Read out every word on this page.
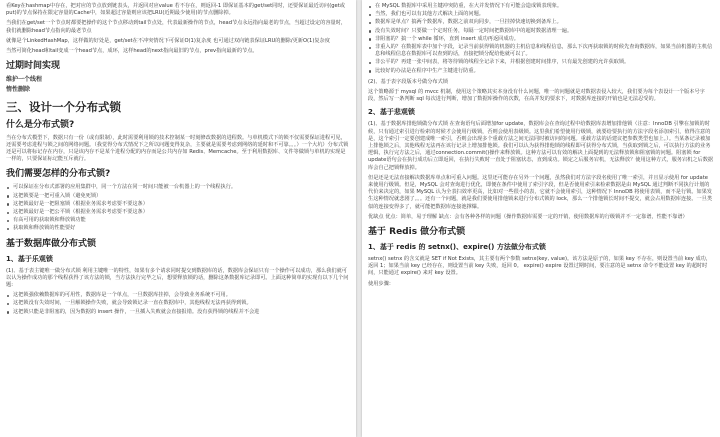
看Key在hashmap中存在，把对应的节点放到链表头，并返回对应value 若不存在，则返回-1 即保证基本的get/set同时，还要保证最近访问(get或put)的节点保持在限定容量的Cache中，如果超过容量则应该把LRU(近期最少使用)的节点删除掉。

当我们在get/set一个节点时都要把操作的这个节点移动到tail节点处，代表最新操作的节点，head节点永远指向最老的节点，当超过设定的容量时，我们就删除head节点指向的最老节点

就像是个LinkedHashMap，这样做的好处是，get/set在不冲突情况下可保证O(1)复杂度 也可通过双向链表保证LRU的删除/更新O(1)复杂度

当然可简化head和tail变成一个head节点，成环，这样head的next指向最旧的节点，prev指向最新的节点。

过期时间实现

维护一个线程

惰性删除

三、设计一个分布式锁
什么是分布式锁?

当在分布式模型下，数据只有一份（或有限制），此时需要利用锁的技术控制某一时刻修改数据的进程数。与单机模式下的锁不仅需要保证进程可见，还需要考虑进程与锁之间的网络问题。（我觉得分布式情况下之所以问题变得复杂，主要就是需要考虑到网络的延时和不可靠。。。）一个大坑）分布式锁还是可以将标记存在内存，只是该内存不是某个进程分配的内存而是公共内存如 Redis、Memcache。至于利用数据库、文件等做锁与单机的实现是一样的，只要保证标记能互斥就行。

我们需要怎样的分布式锁?
可以保证在分布式部署的应用集群中，同一个方法在同一时间只能被一台机器上的一个线程执行。
这把锁要是一把可重入锁（避免死锁）
这把锁最好是一把阻塞锁（根据业务需求考虑要不要这条）
这把锁最好是一把公平锁（根据业务需求考虑要不要这条）
有高可用的获取锁和释放锁功能
获取锁和释放锁的性能要好
基于数据库做分布式锁
1、基于乐观锁

(1)、基于表主键唯一做分布式锁 利用主键唯一的特性，如果有多个请求同时提交到数据库的话，数据库会保证只有一个操作可以成功，那么我们就可以认为操作成功的那个线程获得了该方法的锁，当方法执行完毕之后，想要释放锁的话，删除这条数据库记录即可。上面这种简单的实现有以下几个问题:

这把锁强依赖数据库的可用性，数据库是一个单点，一旦数据库挂掉，会导致业务系统不可用。
这把锁没有失效时间，一旦解锁操作失败，就会导致锁记录一直在数据库中，其他线程无法再获得到锁。
这把锁只能是非阻塞的，因为数据的 insert 操作，一旦插入失败就会直接报错。没有获得锁的线程并不会进
在 MySQL 数据库中采用主键冲突防重，在大并发情况下有可能会造成锁表现象。
当然，我们也可以有其他方式解决上面的问题。
数据库是单点？搞两个数据库，数据之前双向同步，一旦挂掉快速切换到备库上。
没有失效时间？只要做一个定时任务，每隔一定时间把数据库中的超时数据清理一遍。
非阻塞的？搞一个 while 循环，直到 insert 成功再返回成功。
非重入的？在数据库表中加个字段，记录当前获得锁的机器的主机信息和线程信息，那么下次再获取锁的时候先查询数据库，如果当前机器的主机信息和线程信息在数据库可以查到的话，直接把锁分配给他就可以了。
非公平的？再建一张中间表，将等待锁的线程全记录下来，并根据创建时间排序，只有最先创建的允许获取锁。
比较好的办法是在程序中生产主键进行防重。

(2)、基于表字段版本号做分布式锁

这个策略源于 mysql 的 mvcc 机制，使用这个策略其实本身没有什么问题，唯一的问题就是对数据表侵入较大，我们要为每个表设计一个版本号字段，然后写一条判断 sql 每次进行判断，增加了数据库操作的次数，在高并发的要求下，对数据库连接的开销也是无法忍受的。

2、基于悲观锁

(1)、基于数据库排他锁做分布式锁 在查询语句后面增加for update，数据库会在查询过程中给数据库表增加排他锁（注意：InnoDB 引擎在加锁的时候，只有通过索引进行检索的时候才会使用行级锁，否则会使用表级锁。这里我们希望使用行级锁，就要给要执行的方法字段名添加索引，值得注意的是，这个索引一定要创建成唯一索引，否则会出现多个重载方法之间无法同时被访问的问题。重载方法的话建议把参数类型也加上。）。当某条记录被加上排他锁之后，其他线程无法再在该行记录上增加排他锁。我们可以认为获得排他锁的线程即可获得分布式锁，当获取到锁之后，可以执行方法的业务逻辑，执行完方法之后，通过connection.commit()操作来释放锁。这种方法可以有效的解决上面提到的无法释放锁和阻塞锁的问题。阻塞锁 for update语句会在执行成功后立即返回，在执行失败时一直处于阻塞状态，直到成功。锁定之后服务宕机，无法释放？使用这种方式，服务宕机之后数据库会自己把锁释放掉。

但是还是无法直接解决数据库单点和可重入问题。这里还可能存在另外一个问题，虽然我们对方法字段名使用了唯一索引，并且显示使用 for update 来使用行级锁。但是，MySQL 会对查询进行优化，即便在条件中使用了索引字段，但是否使用索引来检索数据是由 MySQL 通过判断不同执行计划的代价来决定的，如果 MySQL 认为全表扫效率更高，比如对一些很小的表，它就不会使用索引，这种情况下 InnoDB 将使用表锁，而不是行锁。如果发生这种情况就悲剧了。。。还有一个问题，就是我们要使用排他锁来进行分布式锁的 lock，那么一个排他锁长时间不提交，就会占用数据库连接。一旦类似的连接变得多了，就可能把数据库连接池撑爆。

优缺点 优点：简单，易于理解 缺点：会有各种各样的问题（操作数据库需要一定的开销，使用数据库的行级锁并不一定靠谱，性能不靠谱）

基于 Redis 做分布式锁
1、基于 redis 的 setnx()、expire() 方法做分布式锁

setnx() setnx 的含义就是 SET if Not Exists，其主要有两个参数 setnx(key, value)。该方法是原子的，如果 key 不存在，则设置当前 key 成功，返回 1；如果当前 key 已经存在，则设置当前 key 失败，返回 0。 expire() expire 设置过期时间，要注意的是 setnx 命令不能设置 key 的超时时间，只能通过 expire() 来对 key 设置。

使用步骤：
